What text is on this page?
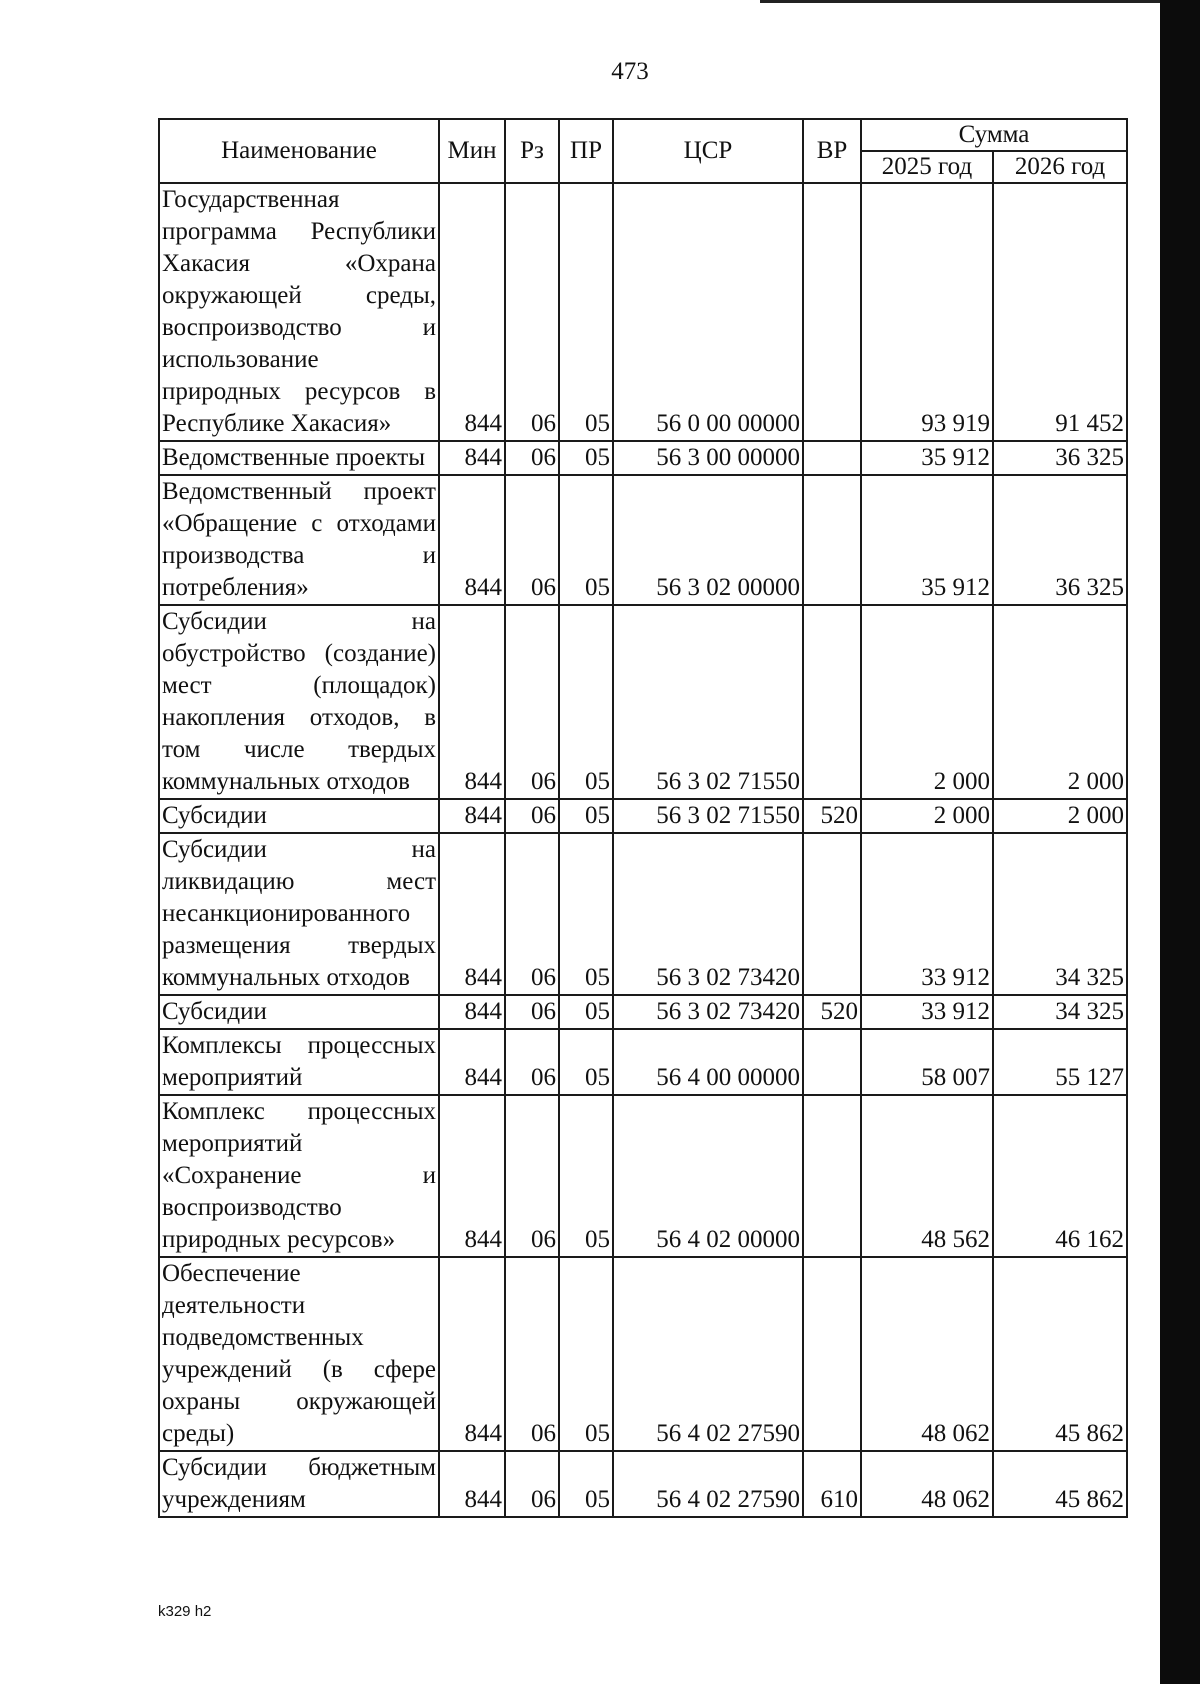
473
Наименование	Мин	Рз	ПР	ЦСР	ВР	Сумма	
						2025 год	2026 год
Государственная программа Республики Хакасия «Охрана окружающей среды, воспроизводство и использование природных ресурсов в Республике Хакасия»	844	06	05	56 0 00 00000		93 919	91 452
Ведомственные проекты	844	06	05	56 3 00 00000		35 912	36 325
Ведомственный проект «Обращение с отходами производства и потребления»	844	06	05	56 3 02 00000		35 912	36 325
Субсидии на обустройство (создание) мест (площадок) накопления отходов, в том числе твердых коммунальных отходов	844	06	05	56 3 02 71550		2 000	2 000
Субсидии	844	06	05	56 3 02 71550	520	2 000	2 000
Субсидии на ликвидацию мест несанкционированного размещения твердых коммунальных отходов	844	06	05	56 3 02 73420		33 912	34 325
Субсидии	844	06	05	56 3 02 73420	520	33 912	34 325
Комплексы процессных мероприятий	844	06	05	56 4 00 00000		58 007	55 127
Комплекс процессных мероприятий «Сохранение и воспроизводство природных ресурсов»	844	06	05	56 4 02 00000		48 562	46 162
Обеспечение деятельности подведомственных учреждений (в сфере охраны окружающей среды)	844	06	05	56 4 02 27590		48 062	45 862
Субсидии бюджетным учреждениям	844	06	05	56 4 02 27590	610	48 062	45 862
k329 h2
